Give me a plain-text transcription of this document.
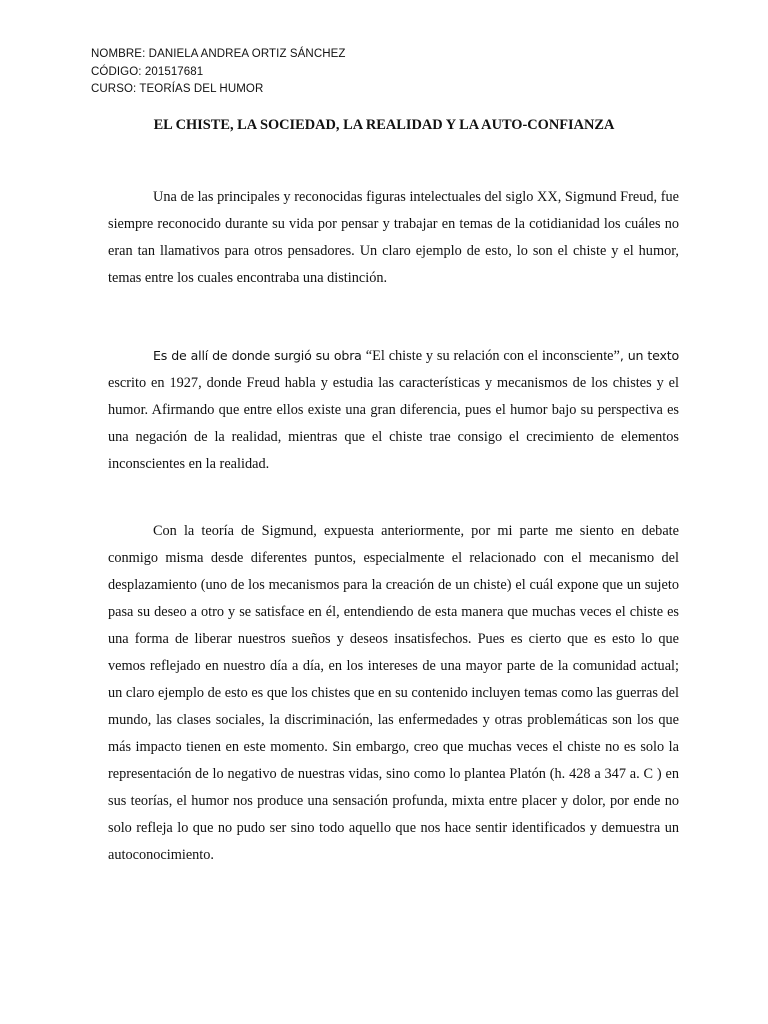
NOMBRE: DANIELA ANDREA ORTIZ SÁNCHEZ
CÓDIGO: 201517681
CURSO: TEORÍAS DEL HUMOR
EL CHISTE, LA SOCIEDAD, LA REALIDAD Y LA AUTO-CONFIANZA

Una de las principales y reconocidas figuras intelectuales del siglo XX, Sigmund Freud, fue siempre reconocido durante su vida por pensar y trabajar en temas de la cotidianidad los cuáles no eran tan llamativos para otros pensadores. Un claro ejemplo de esto, lo son el chiste y el humor, temas entre los cuales encontraba una distinción.

Es de allí de donde surgió su obra “El chiste y su relación con el inconsciente”, un texto escrito en 1927, donde Freud habla y estudia las características y mecanismos de los chistes y el humor. Afirmando que entre ellos existe una gran diferencia, pues el humor bajo su perspectiva es una negación de la realidad, mientras que el chiste trae consigo el crecimiento de elementos inconscientes en la realidad.

Con la teoría de Sigmund, expuesta anteriormente, por mi parte me siento en debate conmigo misma desde diferentes puntos, especialmente el relacionado con el mecanismo del desplazamiento (uno de los mecanismos para la creación de un chiste) el cuál expone que un sujeto pasa su deseo a otro y se satisface en él, entendiendo de esta manera que muchas veces el chiste es una forma de liberar nuestros sueños y deseos insatisfechos. Pues es cierto que es esto lo que vemos reflejado en nuestro día a día, en los intereses de una mayor parte de la comunidad actual; un claro ejemplo de esto es que los chistes que en su contenido incluyen temas como las guerras del mundo, las clases sociales, la discriminación, las enfermedades y otras problemáticas son los que más impacto tienen en este momento. Sin embargo, creo que muchas veces el chiste no es solo la representación de lo negativo de nuestras vidas, sino como lo plantea Platón (h. 428 a 347 a. C ) en sus teorías, el humor nos produce una sensación profunda, mixta entre placer y dolor, por ende no solo refleja lo que no pudo ser sino todo aquello que nos hace sentir identificados y demuestra un autoconocimiento.
